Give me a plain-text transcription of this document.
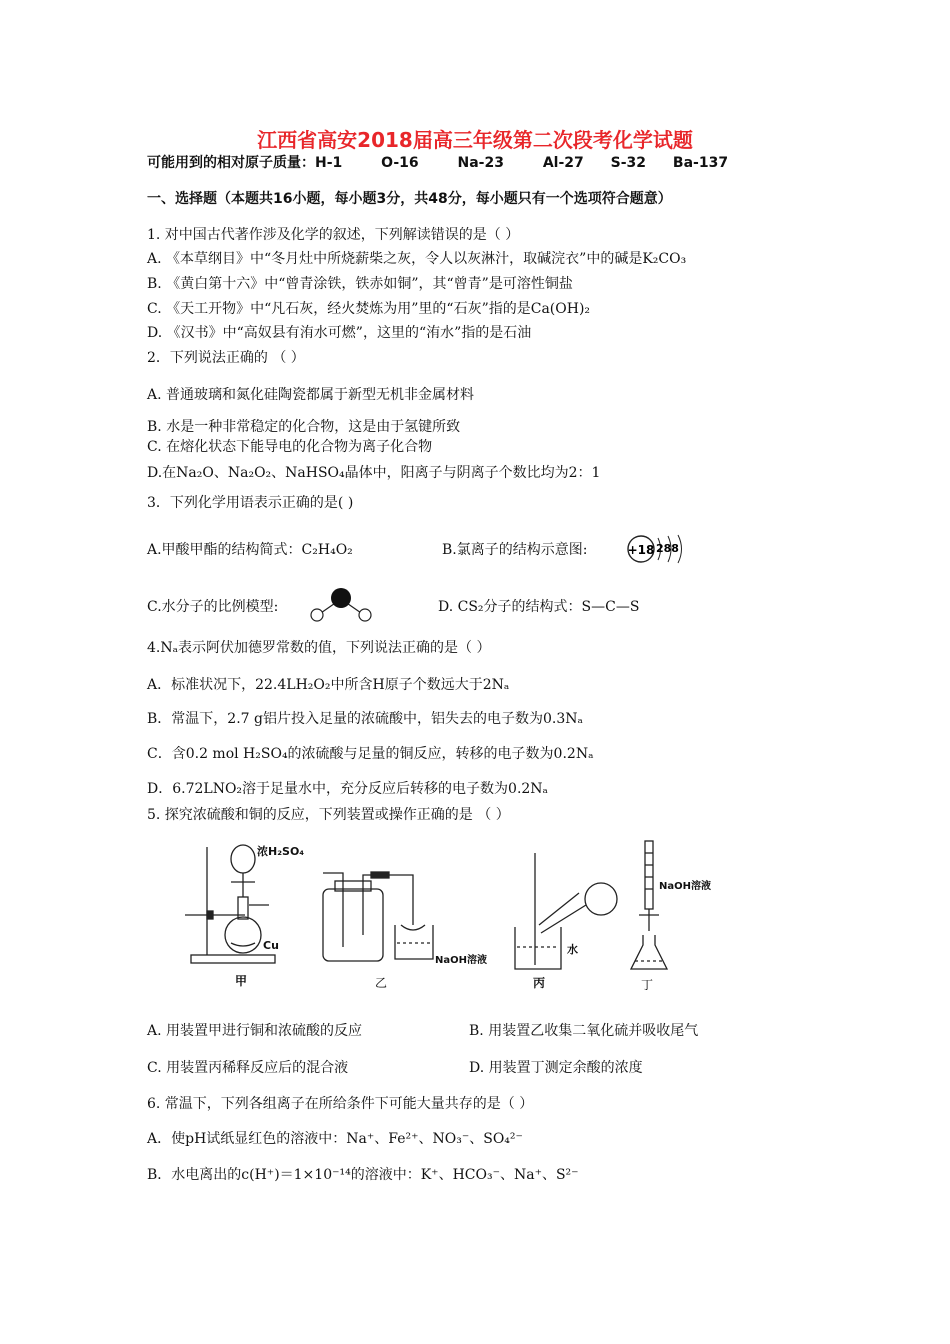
江西省高安2018届高三年级第二次段考化学试题
可能用到的相对原子质量：H-1	O-16	Na-23	Al-27 S-32 Ba-137
一、选择题（本题共16小题，每小题3分，共48分，每小题只有一个选项符合题意）
1. 对中国古代著作涉及化学的叙述，下列解读错误的是（ ）
A. 《本草纲目》中“冬月灶中所烧薪柴之灰，令人以灰淋汁，取碱浣衣”中的碱是K₂CO₃
B. 《黄白第十六》中“曾青涂铁，铁赤如铜”，其“曾青”是可溶性铜盐
C. 《天工开物》中“凡石灰，经火焚炼为用”里的“石灰”指的是Ca(OH)₂
D. 《汉书》中“高奴县有洧水可燃”，这里的“洧水”指的是石油
2．下列说法正确的 （ ）
A. 普通玻璃和氮化硅陶瓷都属于新型无机非金属材料
B. 水是一种非常稳定的化合物，这是由于氢键所致
C. 在熔化状态下能导电的化合物为离子化合物
D.在Na₂O、Na₂O₂、NaHSO₄晶体中，阳离子与阴离子个数比均为2：1
3．下列化学用语表示正确的是( )
A.甲酸甲酯的结构简式：C₂H₄O₂	B.氯离子的结构示意图:	+18 288
C.水分子的比例模型:	D. CS₂分子的结构式：S—C—S
4.Nₐ表示阿伏加德罗常数的值，下列说法正确的是（ ）
A．标准状况下，22.4LH₂O₂中所含H原子个数远大于2Nₐ
B．常温下，2.7 g铝片投入足量的浓硫酸中，铝失去的电子数为0.3Nₐ
C．含0.2 mol H₂SO₄的浓硫酸与足量的铜反应，转移的电子数为0.2Nₐ
D．6.72LNO₂溶于足量水中，充分反应后转移的电子数为0.2Nₐ
5. 探究浓硫酸和铜的反应，下列装置或操作正确的是 （ ）
浓H₂SO₄
Cu
甲
NaOH溶液
乙
水
丙
NaOH溶液
丁
A. 用装置甲进行铜和浓硫酸的反应	B. 用装置乙收集二氧化硫并吸收尾气
C. 用装置丙稀释反应后的混合液	D. 用装置丁测定余酸的浓度
6. 常温下，下列各组离子在所给条件下可能大量共存的是（ ）
A．使pH试纸显红色的溶液中：Na⁺、Fe²⁺、NO₃⁻、SO₄²⁻
B．水电离出的c(H⁺)＝1×10⁻¹⁴的溶液中：K⁺、HCO₃⁻、Na⁺、S²⁻
